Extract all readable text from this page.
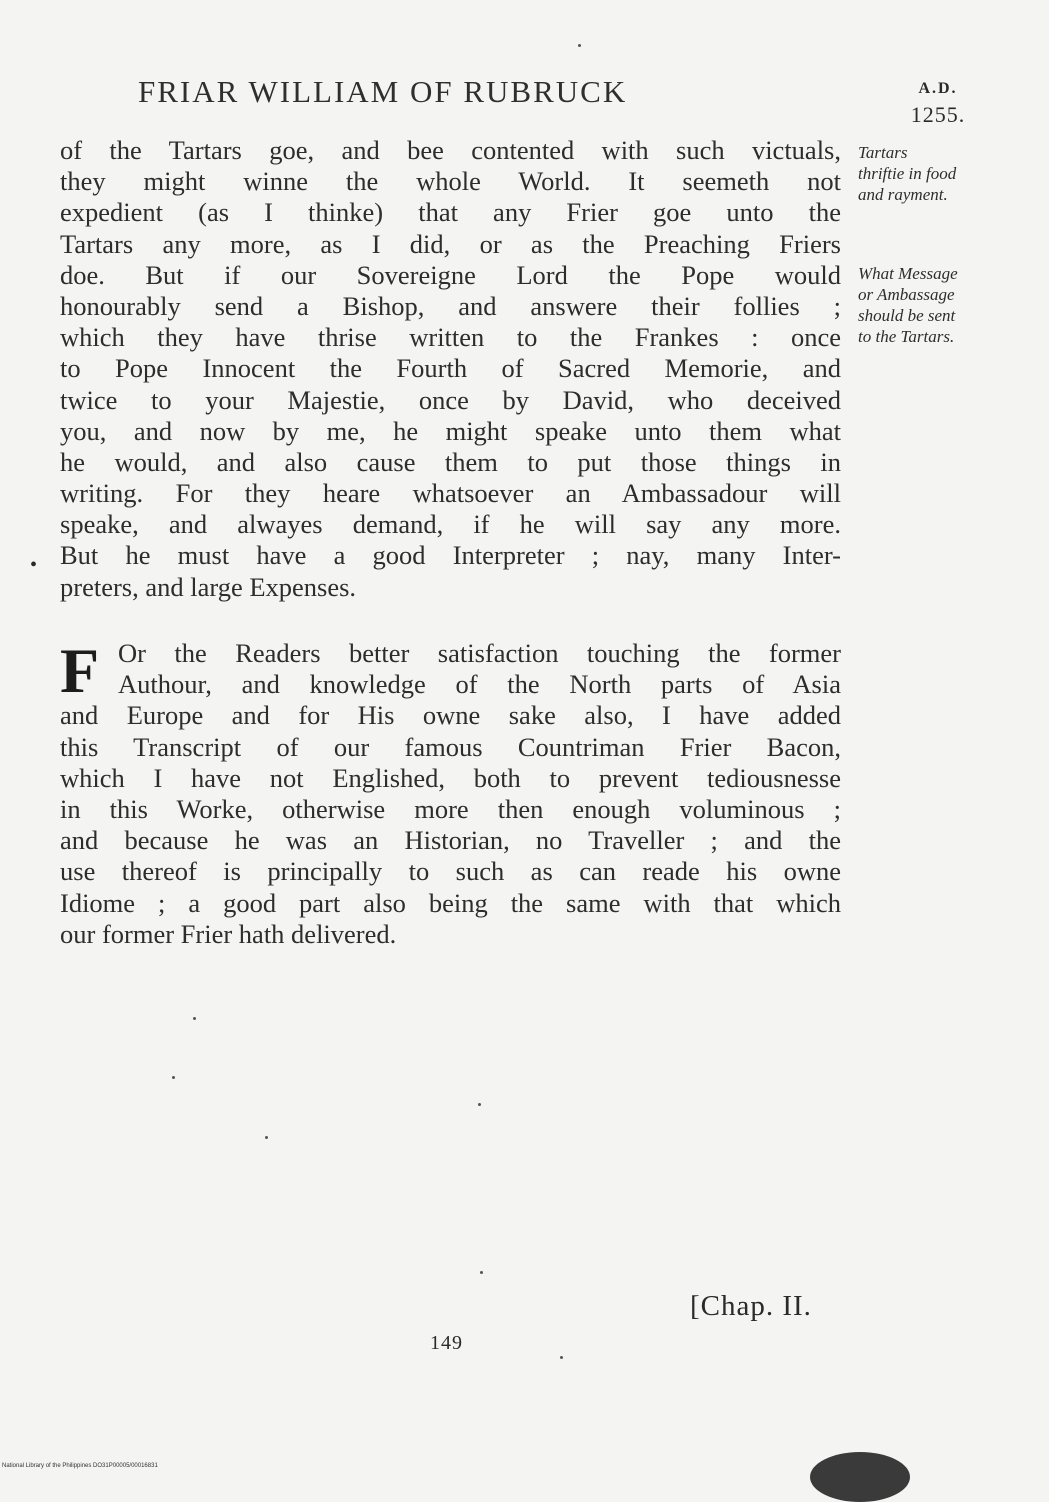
FRIAR WILLIAM OF RUBRUCK	A.D.
1255.
of the Tartars goe, and bee contented with such victuals,
they might winne the whole World. It seemeth not
expedient (as I thinke) that any Frier goe unto the
Tartars any more, as I did, or as the Preaching Friers
doe. But if our Sovereigne Lord the Pope would
honourably send a Bishop, and answere their follies ;
which they have thrise written to the Frankes : once
to Pope Innocent the Fourth of Sacred Memorie, and
twice to your Majestie, once by David, who deceived
you, and now by me, he might speake unto them what
he would, and also cause them to put those things in
writing. For they heare whatsoever an Ambassadour will
speake, and alwayes demand, if he will say any more.
But he must have a good Interpreter ; nay, many Inter-
preters, and large Expenses.
•
F Or the Readers better satisfaction touching the former
Authour, and knowledge of the North parts of Asia
and Europe and for His owne sake also, I have added
this Transcript of our famous Countriman Frier Bacon,
which I have not Englished, both to prevent tediousnesse
in this Worke, otherwise more then enough voluminous ;
and because he was an Historian, no Traveller ; and the
use thereof is principally to such as can reade his owne
Idiome ; a good part also being the same with that which
our former Frier hath delivered.
Tartars
thriftie in food
and rayment.
What Message
or Ambassage
should be sent
to the Tartars.
[Chap. II.
149
National Library of the Philippines DO31P00005/00016831
